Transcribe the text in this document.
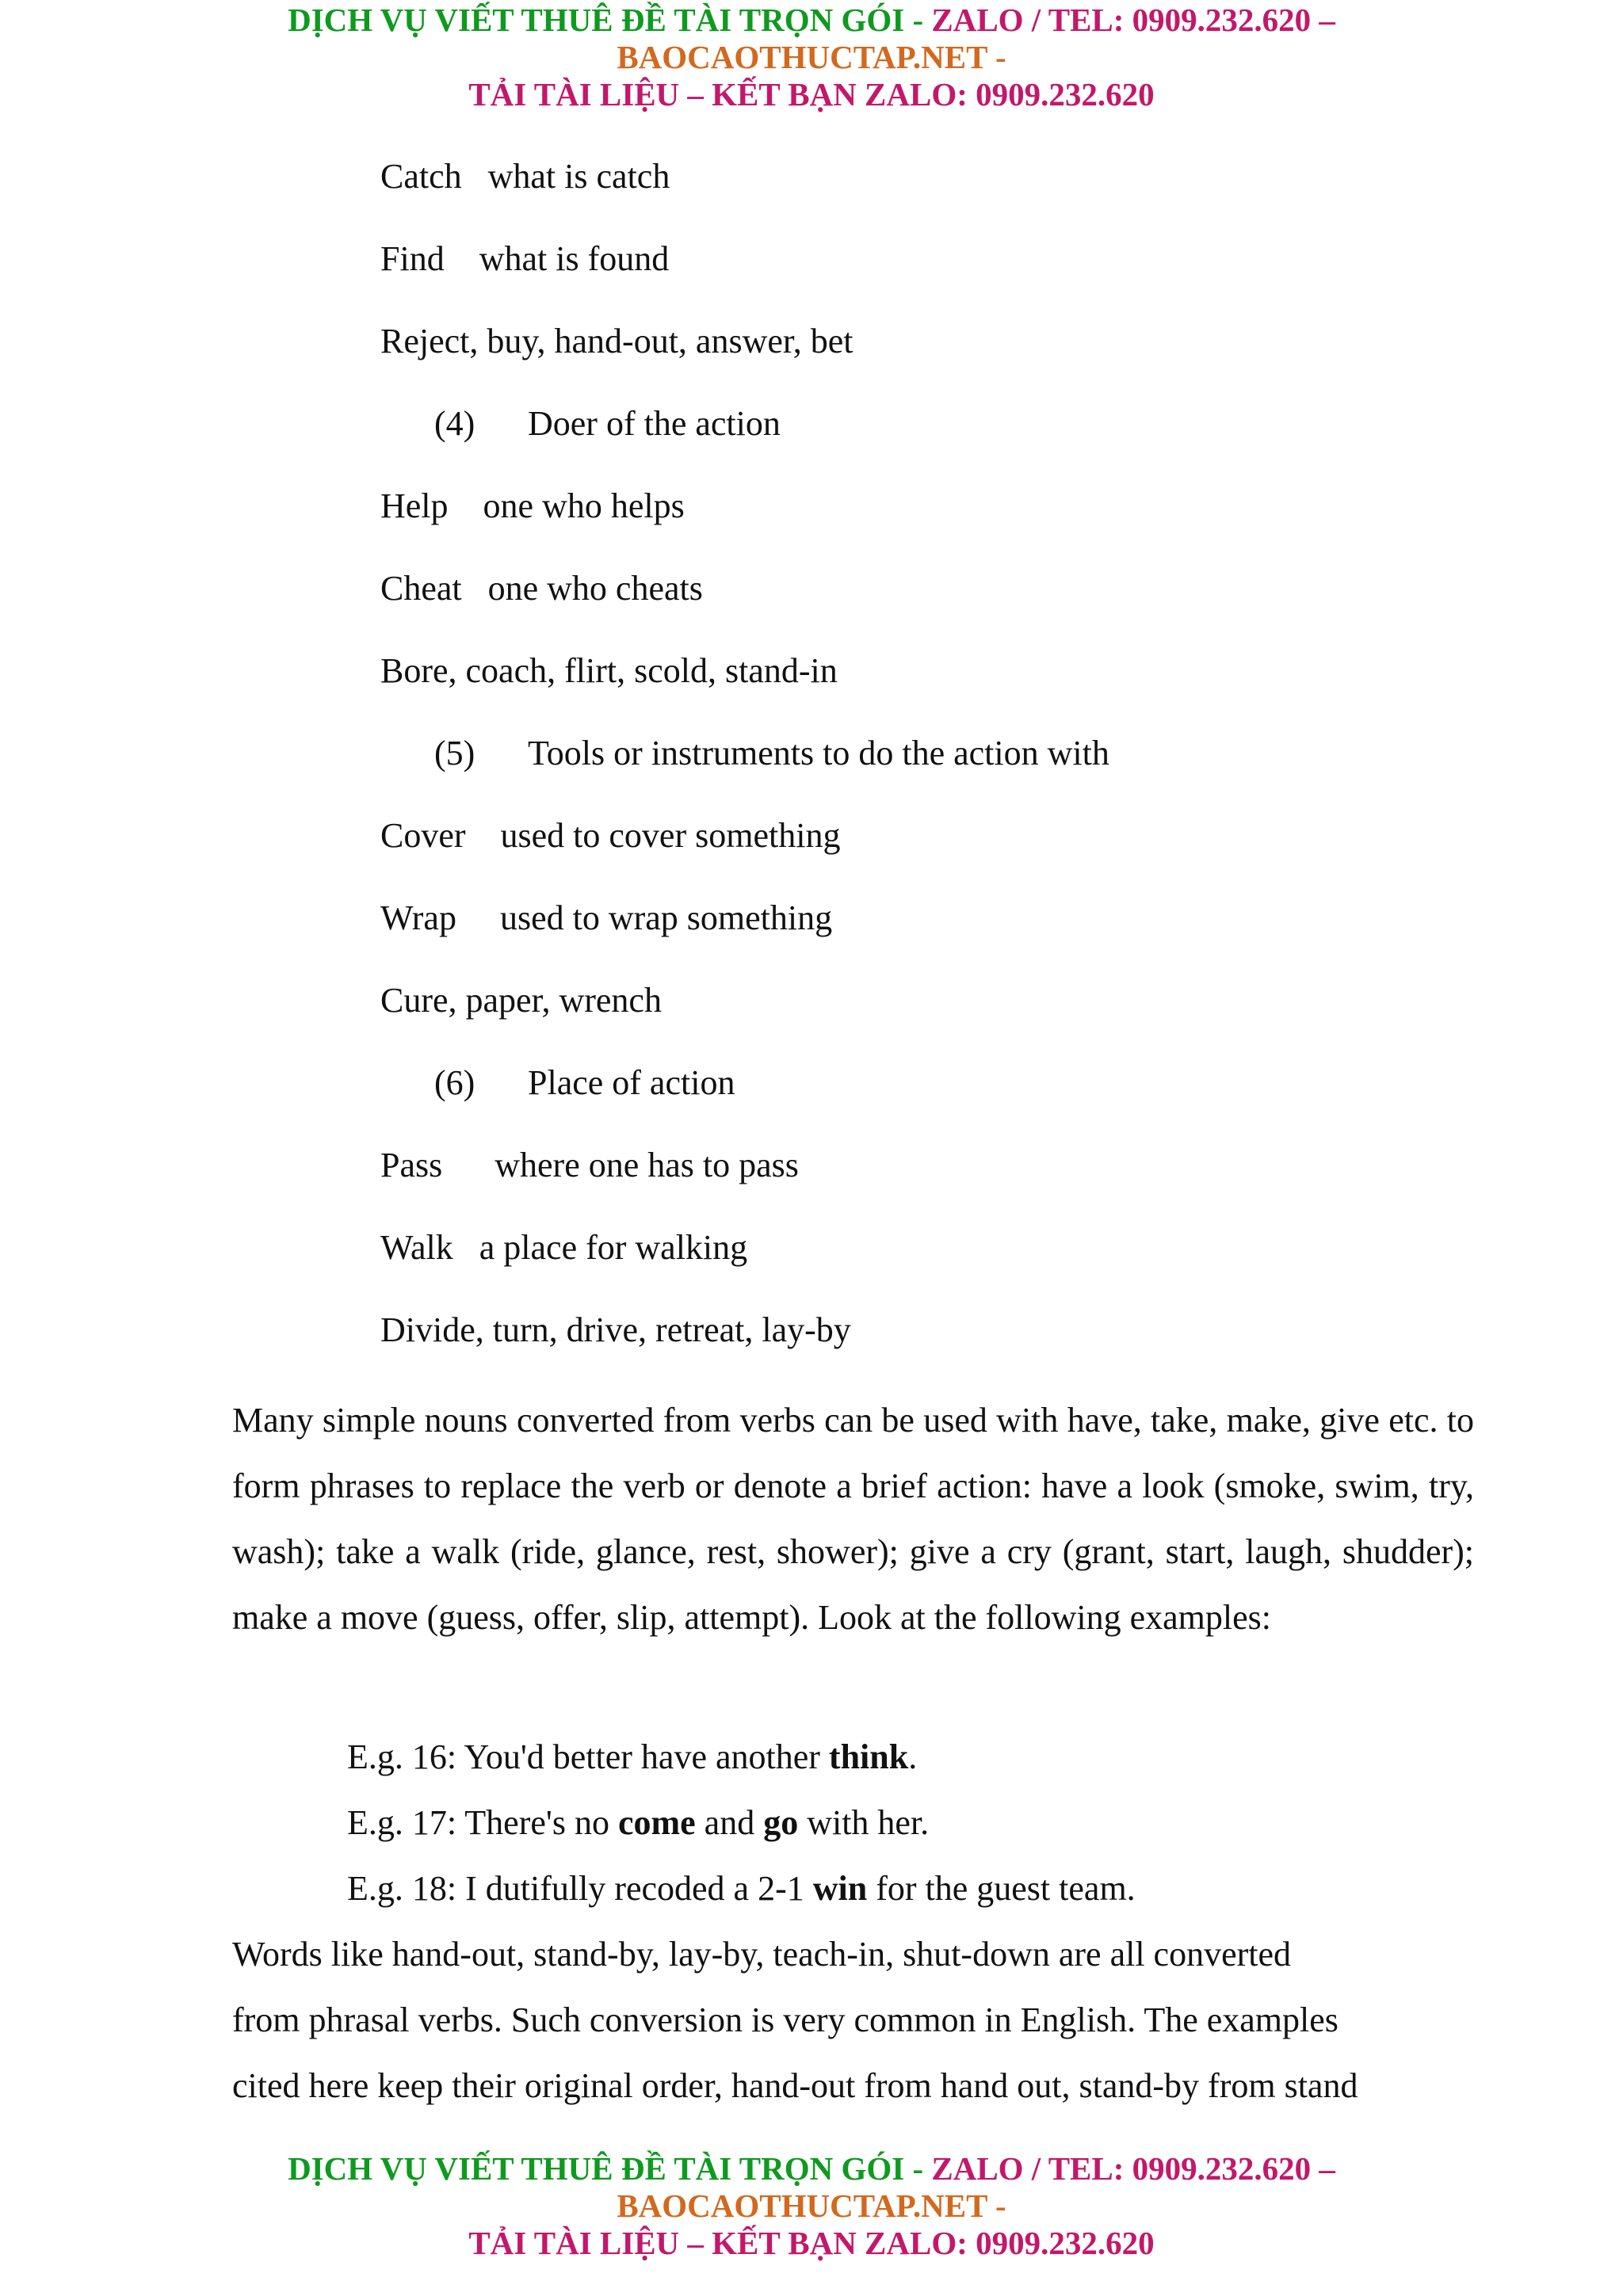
DỊCH VỤ VIẾT THUÊ ĐỀ TÀI TRỌN GÓI - ZALO / TEL: 0909.232.620 –
BAOCAOTHUCTAP.NET -
TẢI TÀI LIỆU – KẾT BẠN ZALO: 0909.232.620
Catch   what is catch
Find    what is found
Reject, buy, hand-out, answer, bet
(4) Doer of the action
Help    one who helps
Cheat   one who cheats
Bore, coach, flirt, scold, stand-in
(5) Tools or instruments to do the action with
Cover    used to cover something
Wrap     used to wrap something
Cure, paper, wrench
(6) Place of action
Pass      where one has to pass
Walk   a place for walking
Divide, turn, drive, retreat, lay-by
Many simple nouns converted from verbs can be used with have, take, make, give etc. to form phrases to replace the verb or denote a brief action: have a look (smoke, swim, try, wash); take a walk (ride, glance, rest, shower); give a cry (grant, start, laugh, shudder); make a move (guess, offer, slip, attempt). Look at the following examples:
E.g. 16: You'd better have another think.
E.g. 17: There's no come and go with her.
E.g. 18: I dutifully recoded a 2-1 win for the guest team.
Words like hand-out, stand-by, lay-by, teach-in, shut-down are all converted
from phrasal verbs. Such conversion is very common in English. The examples
cited here keep their original order, hand-out from hand out, stand-by from stand
DỊCH VỤ VIẾT THUÊ ĐỀ TÀI TRỌN GÓI - ZALO / TEL: 0909.232.620 –
BAOCAOTHUCTAP.NET -
TẢI TÀI LIỆU – KẾT BẠN ZALO: 0909.232.620
